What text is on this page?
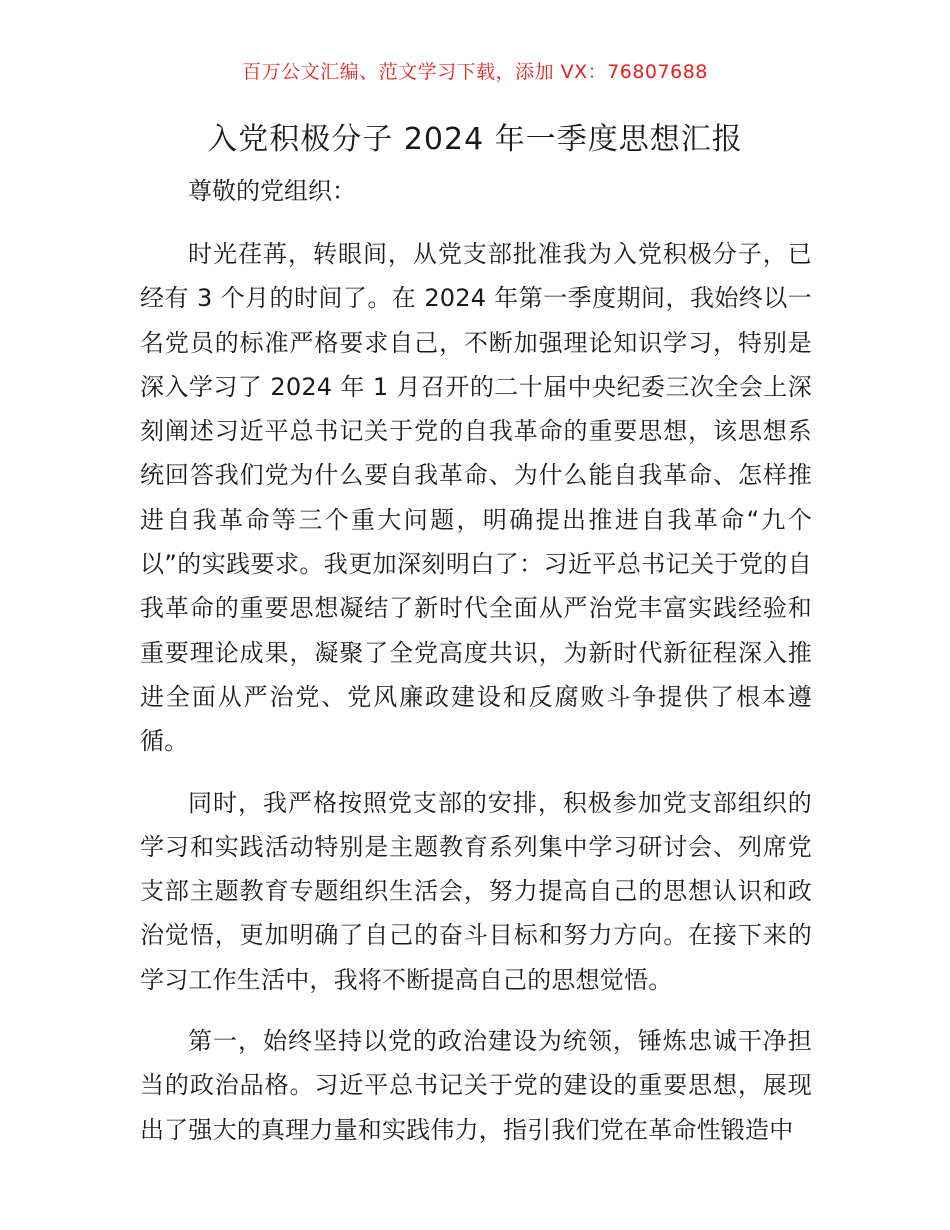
百万公文汇编、范文学习下载，添加 VX：76807688
入党积极分子 2024 年一季度思想汇报

尊敬的党组织：

时光荏苒，转眼间，从党支部批准我为入党积极分子，已经有 3 个月的时间了。在 2024 年第一季度期间，我始终以一名党员的标准严格要求自己，不断加强理论知识学习，特别是深入学习了 2024 年 1 月召开的二十届中央纪委三次全会上深刻阐述习近平总书记关于党的自我革命的重要思想，该思想系统回答我们党为什么要自我革命、为什么能自我革命、怎样推进自我革命等三个重大问题，明确提出推进自我革命“九个以”的实践要求。我更加深刻明白了：习近平总书记关于党的自我革命的重要思想凝结了新时代全面从严治党丰富实践经验和重要理论成果，凝聚了全党高度共识，为新时代新征程深入推进全面从严治党、党风廉政建设和反腐败斗争提供了根本遵循。

同时，我严格按照党支部的安排，积极参加党支部组织的学习和实践活动特别是主题教育系列集中学习研讨会、列席党支部主题教育专题组织生活会，努力提高自己的思想认识和政治觉悟，更加明确了自己的奋斗目标和努力方向。在接下来的学习工作生活中，我将不断提高自己的思想觉悟。

第一，始终坚持以党的政治建设为统领，锤炼忠诚干净担当的政治品格。习近平总书记关于党的建设的重要思想，展现出了强大的真理力量和实践伟力，指引我们党在革命性锻造中
